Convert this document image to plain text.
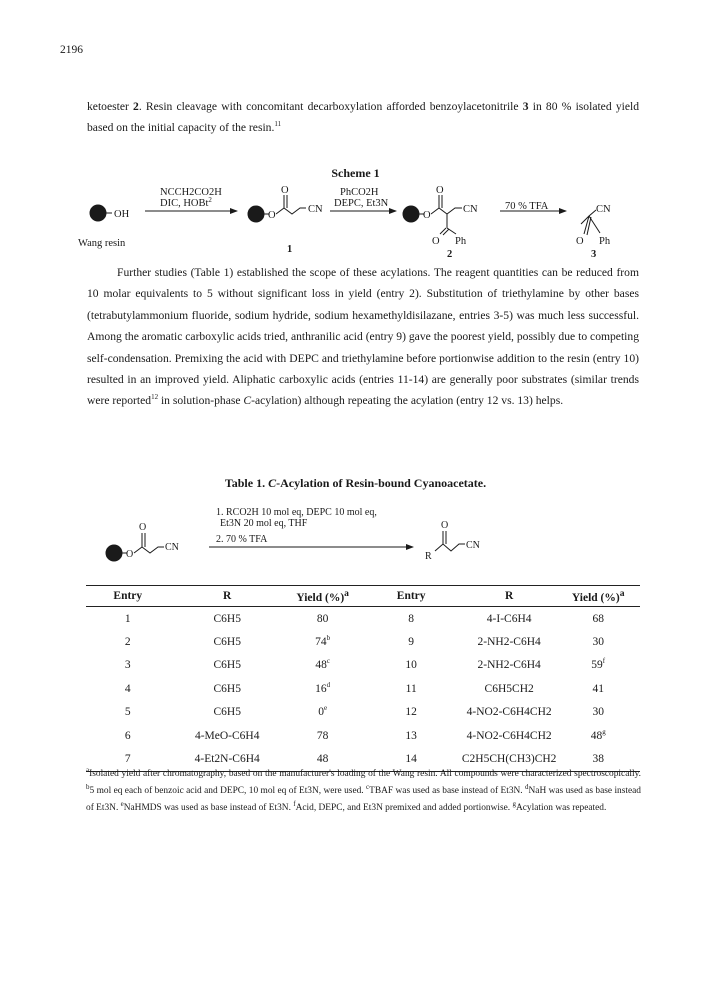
2196
ketoester 2. Resin cleavage with concomitant decarboxylation afforded benzoylacetonitrile 3 in 80 % isolated yield based on the initial capacity of the resin.$^{11}$
Scheme 1
OH
Wang resin
NCCH2CO2H
DIC, HOBt$^2$
O
O
CN
1
PhCO2H
DEPC, Et3N
O
O
CN
O Ph
2
70 % TFA	CN
O Ph
3
Further studies (Table 1) established the scope of these acylations. The reagent quantities can be reduced from 10 molar equivalents to 5 without significant loss in yield (entry 2). Substitution of triethylamine by other bases (tetrabutylammonium fluoride, sodium hydride, sodium hexamethyldisilazane, entries 3-5) was much less successful. Among the aromatic carboxylic acids tried, anthranilic acid (entry 9) gave the poorest yield, possibly due to competing self-condensation. Premixing the acid with DEPC and triethylamine before portionwise addition to the resin (entry 10) resulted in an improved yield. Aliphatic carboxylic acids (entries 11-14) are generally poor substrates (similar trends were reported$^{12}$ in solution-phase C-acylation) although repeating the acylation (entry 12 vs. 13) helps.
Table 1. C-Acylation of Resin-bound Cyanoacetate.
O
O
CN
1. RCO2H 10 mol eq, DEPC 10 mol eq,
Et3N 20 mol eq, THF
2. 70 % TFA
R
O
CN
Entry	R	Yield (%)$^a$	Entry	R	Yield (%)$^a$
1	C6H5	80	8	4-I-C6H4	68
2	C6H5	74$^b$	9	2-NH2-C6H4	30
3	C6H5	48$^c$	10	2-NH2-C6H4	59$^f$
4	C6H5	16$^d$	11	C6H5CH2	41
5	C6H5	0e	12	4-NO2-C6H4CH2	30
6	4-MeO-C6H4	78	13	4-NO2-C6H4CH2	48$^g$
7	4-Et2N-C6H4	48	14	C2H5CH(CH3)CH2	38
$^a$Isolated yield after chromatography, based on the manufacturer's loading of the Wang resin. All compounds were characterized spectroscopically. $^b$5 mol eq each of benzoic acid and DEPC, 10 mol eq of Et3N, were used. $^c$TBAF was used as base instead of Et3N. $^d$NaH was used as base instead of Et3N. $^e$NaHMDS was used as base instead of Et3N. $^f$Acid, DEPC, and Et3N premixed and added portionwise. $^g$Acylation was repeated.
